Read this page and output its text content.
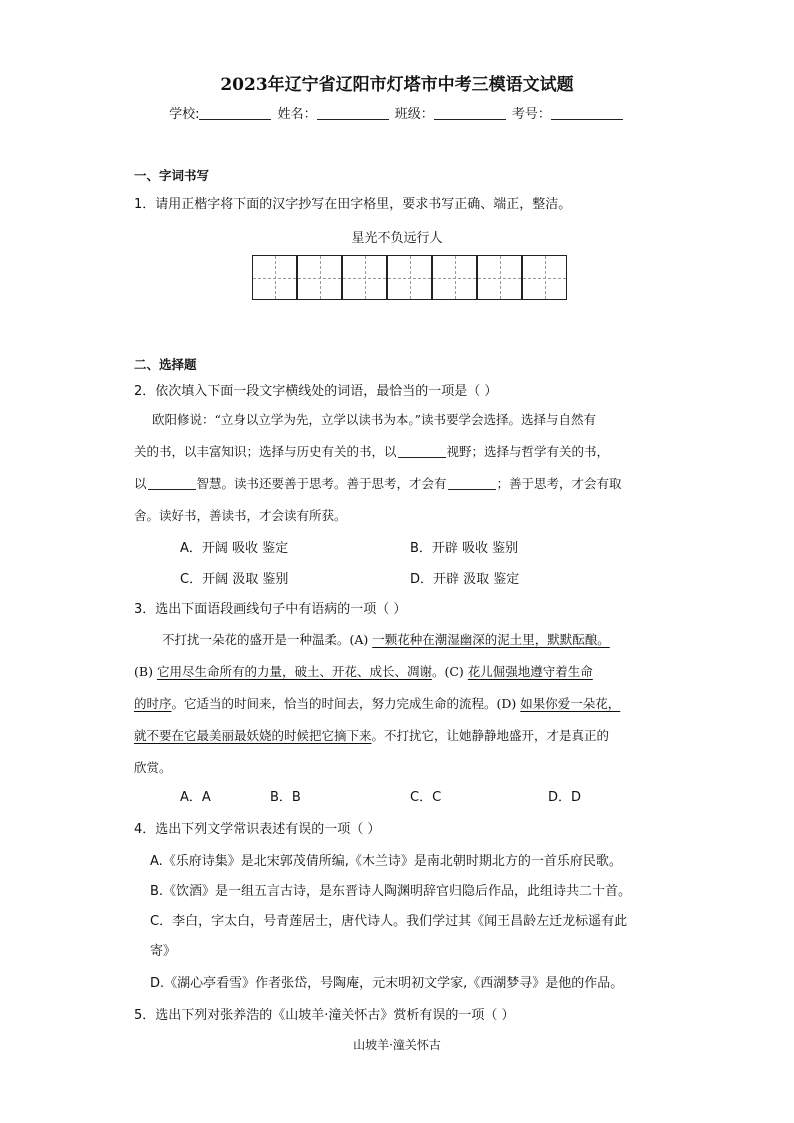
2023年辽宁省辽阳市灯塔市中考三模语文试题
学校:	姓名：	班级：	考号：
一、字词书写
1．请用正楷字将下面的汉字抄写在田字格里，要求书写正确、端正，整洁。
星光不负远行人
二、选择题
2．依次填入下面一段文字横线处的词语，最恰当的一项是（ ）
欧阳修说：“立身以立学为先，立学以读书为本。”读书要学会选择。选择与自然有
关的书，以丰富知识；选择与历史有关的书，以	视野；选择与哲学有关的书，
以	智慧。读书还要善于思考。善于思考，才会有	；善于思考，才会有取
舍。读好书，善读书，才会读有所获。
A．开阔 吸收 鉴定	B．开辟 吸收 鉴别
C．开阔 汲取 鉴别	D．开辟 汲取 鉴定
3．选出下面语段画线句子中有语病的一项（ ）
不打扰一朵花的盛开是一种温柔。(A) 一颗花种在潮湿幽深的泥土里，默默酝酿。
(B) 它用尽生命所有的力量，破土、开花、成长、凋谢。(C) 花儿倔强地遵守着生命
的时序。它适当的时间来，恰当的时间去，努力完成生命的流程。(D) 如果你爱一朵花，
就不要在它最美丽最妖娆的时候把它摘下来。不打扰它，让她静静地盛开，才是真正的
欣赏。
A．A	B．B	C．C	D．D
4．选出下列文学常识表述有误的一项（ ）
A.《乐府诗集》是北宋郭茂倩所编,《木兰诗》是南北朝时期北方的一首乐府民歌。
B.《饮酒》是一组五言古诗，是东晋诗人陶渊明辞官归隐后作品，此组诗共二十首。
C．李白，字太白，号青莲居士，唐代诗人。我们学过其《闻王昌龄左迁龙标遥有此
寄》
D.《湖心亭看雪》作者张岱，号陶庵，元末明初文学家,《西湖梦寻》是他的作品。
5．选出下列对张养浩的《山坡羊·潼关怀古》赏析有误的一项（ ）
山坡羊·潼关怀古
